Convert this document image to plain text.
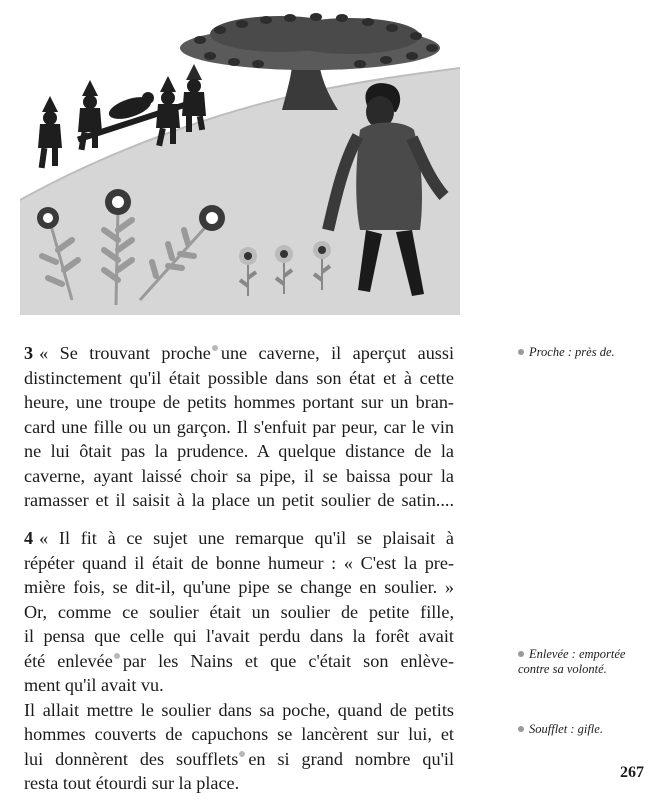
3 « Se trouvant proche une caverne, il aperçut aussi
distinctement qu'il était possible dans son état et à cette
heure, une troupe de petits hommes portant sur un bran-
card une fille ou un garçon. Il s'enfuit par peur, car le vin
ne lui ôtait pas la prudence. A quelque distance de la
caverne, ayant laissé choir sa pipe, il se baissa pour la
ramasser et il saisit à la place un petit soulier de satin....
4 « Il fit à ce sujet une remarque qu'il se plaisait à
répéter quand il était de bonne humeur : « C'est la pre-
mière fois, se dit-il, qu'une pipe se change en soulier. »
Or, comme ce soulier était un soulier de petite fille,
il pensa que celle qui l'avait perdu dans la forêt avait
été enlevée par les Nains et que c'était son enlève-
ment qu'il avait vu.
Il allait mettre le soulier dans sa poche, quand de petits
hommes couverts de capuchons se lancèrent sur lui, et
lui donnèrent des soufflets en si grand nombre qu'il
resta tout étourdi sur la place.
Proche : près de.
Enlevée : emportée contre sa volonté.
Soufflet : gifle.
267
